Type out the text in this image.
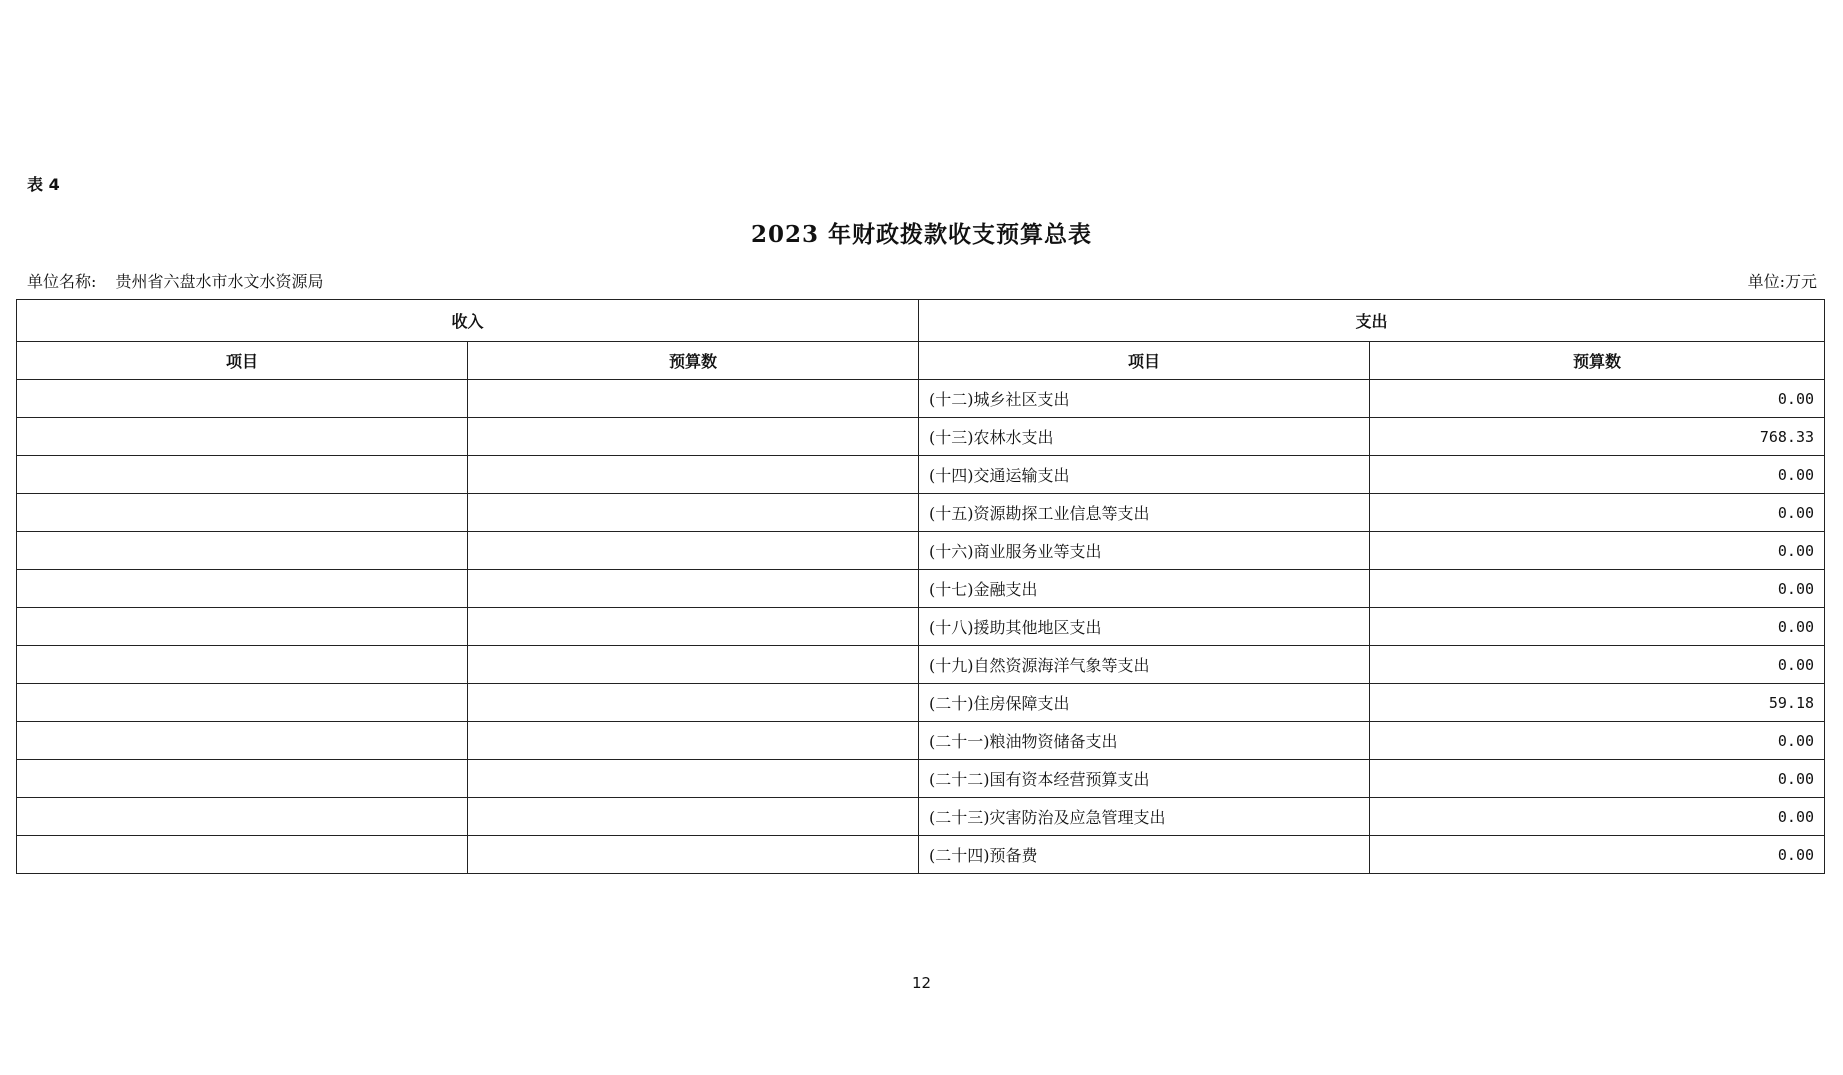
表 4
2023 年财政拨款收支预算总表
单位名称: 贵州省六盘水市水文水资源局	单位:万元
收入		支出	
项目	预算数	项目	预算数
		(十二)城乡社区支出	0.00
		(十三)农林水支出	768.33
		(十四)交通运输支出	0.00
		(十五)资源勘探工业信息等支出	0.00
		(十六)商业服务业等支出	0.00
		(十七)金融支出	0.00
		(十八)援助其他地区支出	0.00
		(十九)自然资源海洋气象等支出	0.00
		(二十)住房保障支出	59.18
		(二十一)粮油物资储备支出	0.00
		(二十二)国有资本经营预算支出	0.00
		(二十三)灾害防治及应急管理支出	0.00
		(二十四)预备费	0.00
12
